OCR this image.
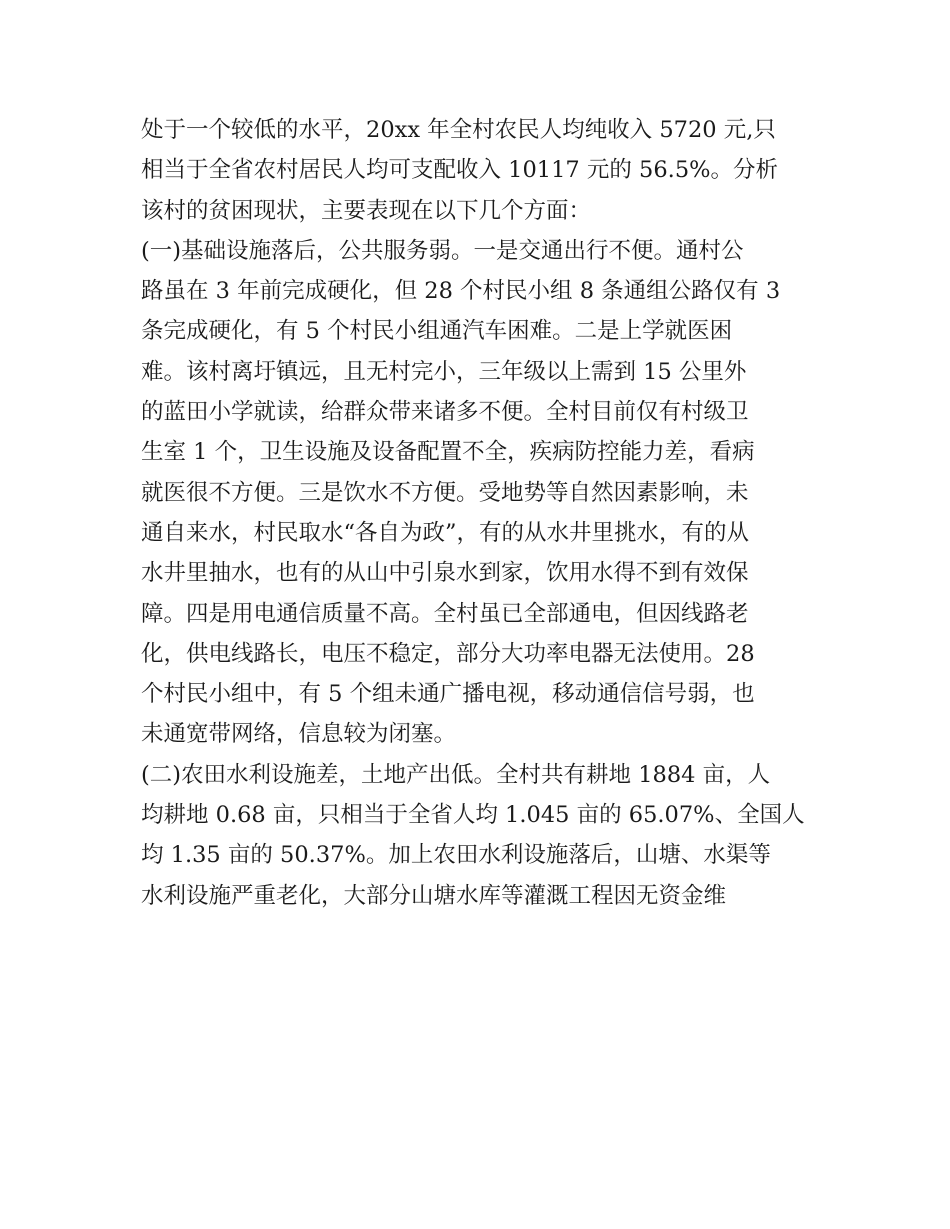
处于一个较低的水平，20xx 年全村农民人均纯收入 5720 元,只
相当于全省农村居民人均可支配收入 10117 元的 56.5%。分析
该村的贫困现状，主要表现在以下几个方面：
(一)基础设施落后，公共服务弱。一是交通出行不便。通村公
路虽在 3 年前完成硬化，但 28 个村民小组 8 条通组公路仅有 3
条完成硬化，有 5 个村民小组通汽车困难。二是上学就医困
难。该村离圩镇远，且无村完小，三年级以上需到 15 公里外
的蓝田小学就读，给群众带来诸多不便。全村目前仅有村级卫
生室 1 个，卫生设施及设备配置不全，疾病防控能力差，看病
就医很不方便。三是饮水不方便。受地势等自然因素影响，未
通自来水，村民取水“各自为政”，有的从水井里挑水，有的从
水井里抽水，也有的从山中引泉水到家，饮用水得不到有效保
障。四是用电通信质量不高。全村虽已全部通电，但因线路老
化，供电线路长，电压不稳定，部分大功率电器无法使用。28
个村民小组中，有 5 个组未通广播电视，移动通信信号弱，也
未通宽带网络，信息较为闭塞。
(二)农田水利设施差，土地产出低。全村共有耕地 1884 亩，人
均耕地 0.68 亩，只相当于全省人均 1.045 亩的 65.07%、全国人
均 1.35 亩的 50.37%。加上农田水利设施落后，山塘、水渠等
水利设施严重老化，大部分山塘水库等灌溉工程因无资金维
